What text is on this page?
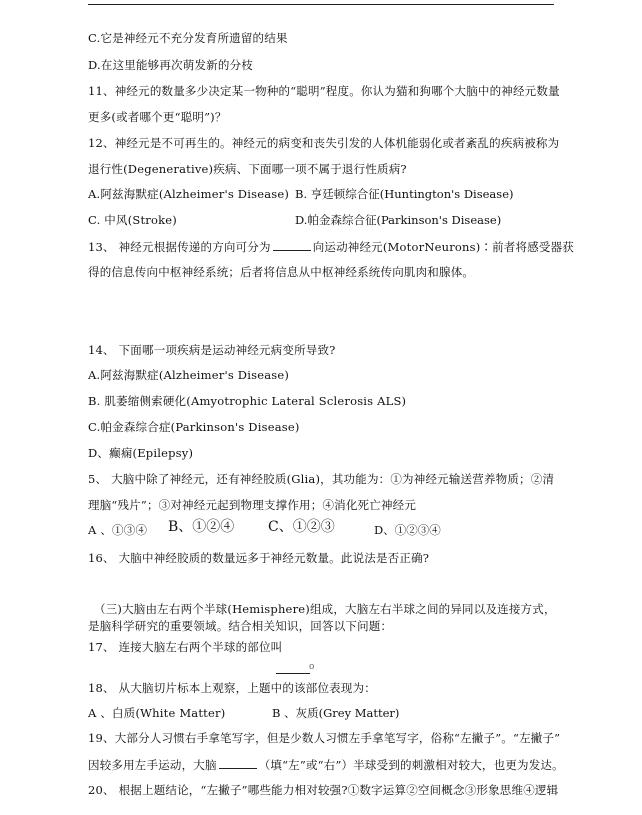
C.它是神经元不充分发育所遗留的结果
D.在这里能够再次萌发新的分枝
11、神经元的数量多少决定某一物种的“聪明”程度。你认为猫和狗哪个大脑中的神经元数量
更多(或者哪个更“聪明”)？
12、神经元是不可再生的。神经元的病变和丧失引发的人体机能弱化或者紊乱的疾病被称为
退行性(Degenerative)疾病、下面哪一项不属于退行性质病?
A.阿兹海默症(Alzheimer's Disease) B. 亨廷顿综合征(Huntington's Disease)
C. 中风(Stroke)	D.帕金森综合征(Parkinson's Disease)
13、 神经元根据传递的方向可分为	向运动神经元(MotorNeurons)∶前者将感受器获
得的信息传向中枢神经系统；后者将信息从中枢神经系统传向肌肉和腺体。
14、 下面哪一项疾病是运动神经元病变所导致?
A.阿兹海默症(Alzheimer's Disease)
B. 肌萎缩侧索硬化(Amyotrophic Lateral Sclerosis ALS)
C.帕金森综合症(Parkinson's Disease)
D、癫痫(Epilepsy)
5、 大脑中除了神经元，还有神经胶质(Glia)，其功能为：①为神经元输送营养物质；②清
理脑“残片”；③对神经元起到物理支撑作用；④消化死亡神经元
A 、①③④ B、①②④ C、①②③	D、①②③④
16、 大脑中神经胶质的数量远多于神经元数量。此说法是否正确?
（三)大脑由左右两个半球(Hemisphere)组成，大脑左右半球之间的异同以及连接方式，
是脑科学研究的重要领域。结合相关知识，回答以下问题：
17、 连接大脑左右两个半球的部位叫
o
18、 从大脑切片标本上观察，上题中的该部位表现为：
A 、白质(White Matter)	B 、灰质(Grey Matter)
19、大部分人习惯右手拿笔写字，但是少数人习惯左手拿笔写字，俗称“左撇子”。“左撇子”
因较多用左手运动，大脑	（填“左”或“右”）半球受到的刺激相对较大，也更为发达。
20、 根据上题结论，“左撇子”哪些能力相对较强?①数字运算②空间概念③形象思维④逻辑
